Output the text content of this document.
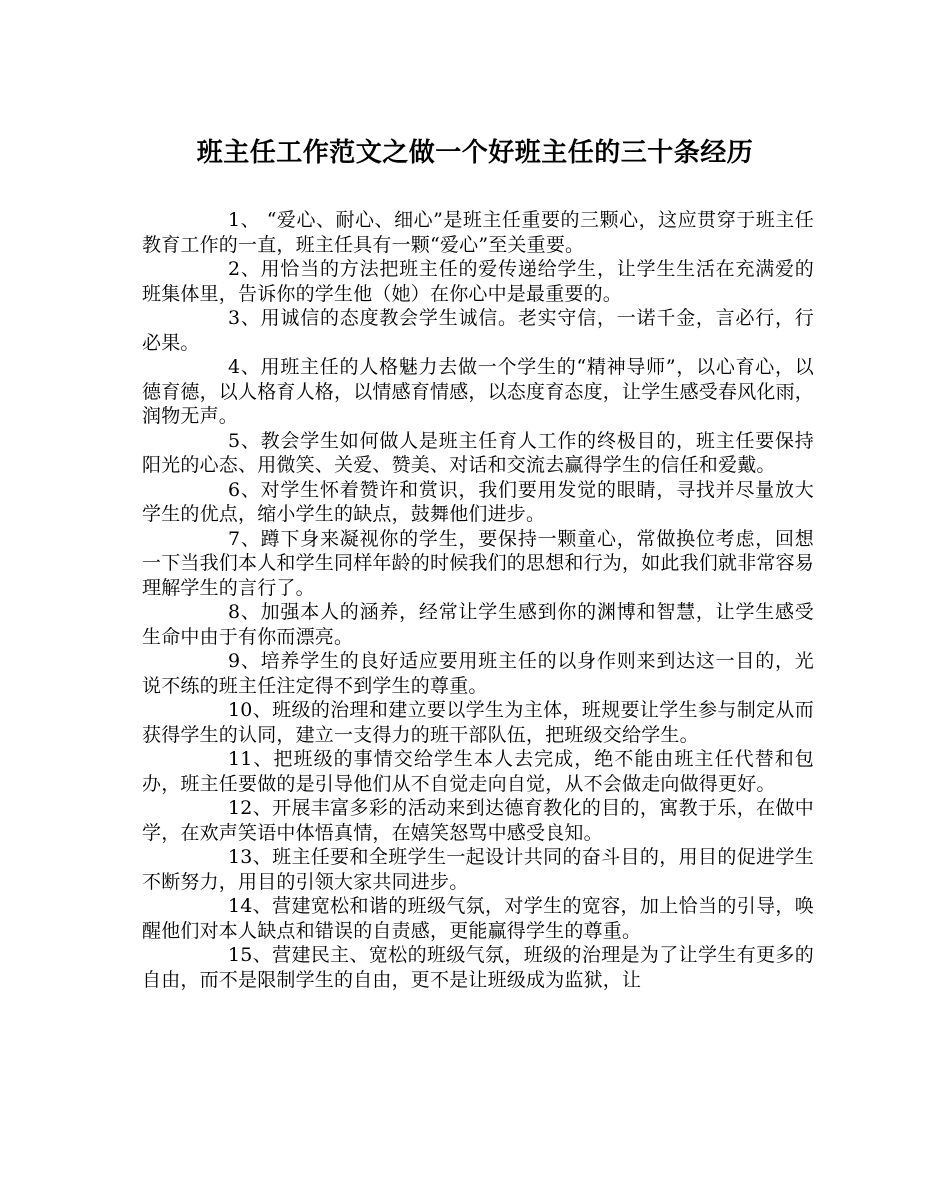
班主任工作范文之做一个好班主任的三十条经历

1、 “爱心、耐心、细心”是班主任重要的三颗心，这应贯穿于班主任教育工作的一直，班主任具有一颗“爱心”至关重要。

2、用恰当的方法把班主任的爱传递给学生，让学生生活在充满爱的班集体里，告诉你的学生他（她）在你心中是最重要的。

3、用诚信的态度教会学生诚信。老实守信，一诺千金，言必行，行必果。

4、用班主任的人格魅力去做一个学生的“精神导师”，以心育心，以德育德，以人格育人格，以情感育情感，以态度育态度，让学生感受春风化雨，润物无声。

5、教会学生如何做人是班主任育人工作的终极目的，班主任要保持阳光的心态、用微笑、关爱、赞美、对话和交流去赢得学生的信任和爱戴。

6、对学生怀着赞许和赏识，我们要用发觉的眼睛，寻找并尽量放大学生的优点，缩小学生的缺点，鼓舞他们进步。

7、蹲下身来凝视你的学生，要保持一颗童心，常做换位考虑，回想一下当我们本人和学生同样年龄的时候我们的思想和行为，如此我们就非常容易理解学生的言行了。

8、加强本人的涵养，经常让学生感到你的渊博和智慧，让学生感受生命中由于有你而漂亮。

9、培养学生的良好适应要用班主任的以身作则来到达这一目的，光说不练的班主任注定得不到学生的尊重。

10、班级的治理和建立要以学生为主体，班规要让学生参与制定从而获得学生的认同，建立一支得力的班干部队伍，把班级交给学生。

11、把班级的事情交给学生本人去完成，绝不能由班主任代替和包办，班主任要做的是引导他们从不自觉走向自觉，从不会做走向做得更好。

12、开展丰富多彩的活动来到达德育教化的目的，寓教于乐，在做中学，在欢声笑语中体悟真情，在嬉笑怒骂中感受良知。

13、班主任要和全班学生一起设计共同的奋斗目的，用目的促进学生不断努力，用目的引领大家共同进步。

14、营建宽松和谐的班级气氛，对学生的宽容，加上恰当的引导，唤醒他们对本人缺点和错误的自责感，更能赢得学生的尊重。

15、营建民主、宽松的班级气氛，班级的治理是为了让学生有更多的自由，而不是限制学生的自由，更不是让班级成为监狱，让
